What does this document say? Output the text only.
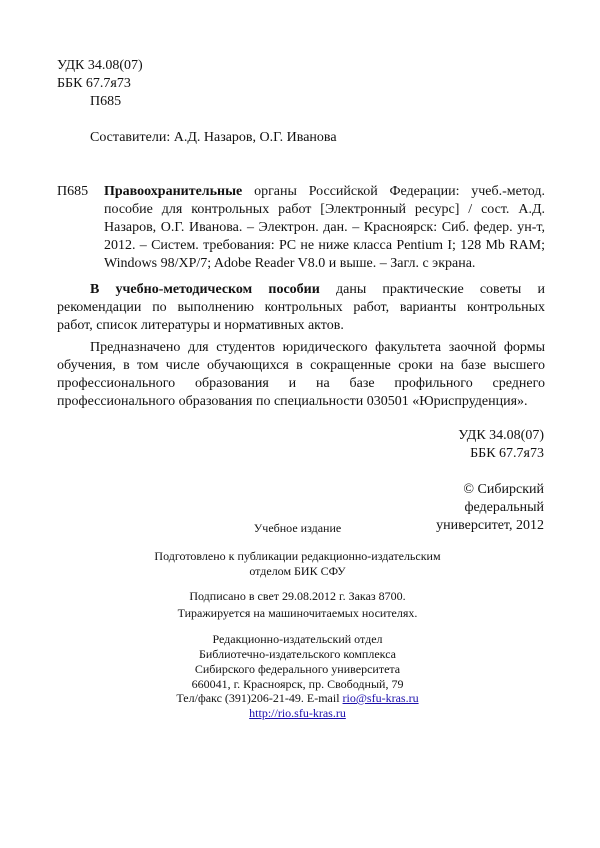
УДК 34.08(07)
ББК 67.7я73
П685
Составители: А.Д. Назаров, О.Г. Иванова
П685 Правоохранительные органы Российской Федерации: учеб.-метод.
пособие для контрольных работ [Электронный ресурс] / сост. А.Д.
Назаров, О.Г. Иванова. – Электрон. дан. – Красноярск: Сиб. федер. ун-т,
2012. – Систем. требования: PC не ниже класса Pentium I; 128 Mb RAM;
Windows 98/XP/7; Adobe Reader V8.0 и выше. – Загл. с экрана.
В учебно-методическом пособии даны практические советы и
рекомендации по выполнению контрольных работ, варианты контрольных
работ, список литературы и нормативных актов.
Предназначено для студентов юридического факультета заочной формы
обучения, в том числе обучающихся в сокращенные сроки на базе высшего
профессионального образования и на базе профильного среднего
профессионального образования по специальности 030501 «Юриспруденция».
УДК 34.08(07)
ББК 67.7я73
© Сибирский
федеральный
университет, 2012
Учебное издание
Подготовлено к публикации редакционно-издательским
отделом БИК СФУ
Подписано в свет 29.08.2012 г. Заказ 8700.
Тиражируется на машиночитаемых носителях.
Редакционно-издательский отдел
Библиотечно-издательского комплекса
Сибирского федерального университета
660041, г. Красноярск, пр. Свободный, 79
Тел/факс (391)206-21-49. E-mail rio@sfu-kras.ru
http://rio.sfu-kras.ru
